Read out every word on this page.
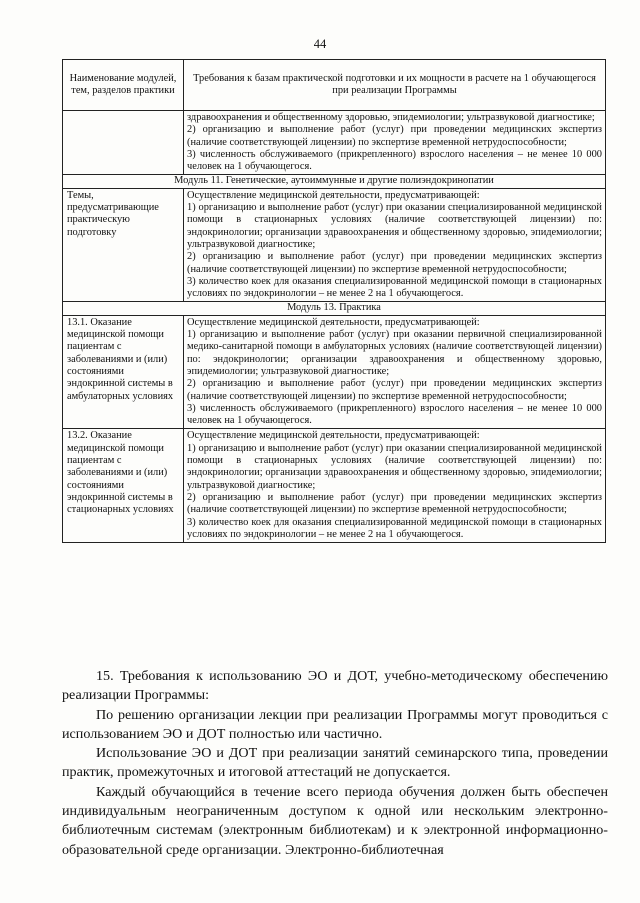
44
Наименование модулей, тем, разделов практики	Требования к базам практической подготовки и их мощности в расчете на 1 обучающегося при реализации Программы

	здравоохранения и общественному здоровью, эпидемиологии; ультразвуковой диагностике;
2) организацию и выполнение работ (услуг) при проведении медицинских экспертиз (наличие соответствующей лицензии) по экспертизе временной нетрудоспособности;
3) численность обслуживаемого (прикрепленного) взрослого населения – не менее 10 000 человек на 1 обучающегося.

Модуль 11. Генетические, аутоиммунные и другие полиэндокринопатии	
Темы, предусматривающие практическую подготовку	Осуществление медицинской деятельности, предусматривающей:
1) организацию и выполнение работ (услуг) при оказании специализированной медицинской помощи в стационарных условиях (наличие соответствующей лицензии) по: эндокринологии; организации здравоохранения и общественному здоровью, эпидемиологии; ультразвуковой диагностике;
2) организацию и выполнение работ (услуг) при проведении медицинских экспертиз (наличие соответствующей лицензии) по экспертизе временной нетрудоспособности;
3) количество коек для оказания специализированной медицинской помощи в стационарных условиях по эндокринологии – не менее 2 на 1 обучающегося.

Модуль 13. Практика	
13.1. Оказание медицинской помощи пациентам с заболеваниями и (или) состояниями эндокринной системы в амбулаторных условиях	Осуществление медицинской деятельности, предусматривающей:
1) организацию и выполнение работ (услуг) при оказании первичной специализированной медико-санитарной помощи в амбулаторных условиях (наличие соответствующей лицензии) по: эндокринологии; организации здравоохранения и общественному здоровью, эпидемиологии; ультразвуковой диагностике;
2) организацию и выполнение работ (услуг) при проведении медицинских экспертиз (наличие соответствующей лицензии) по экспертизе временной нетрудоспособности;
3) численность обслуживаемого (прикрепленного) взрослого населения – не менее 10 000 человек на 1 обучающегося.

13.2. Оказание медицинской помощи пациентам с заболеваниями и (или) состояниями эндокринной системы в стационарных условиях	Осуществление медицинской деятельности, предусматривающей:
1) организацию и выполнение работ (услуг) при оказании специализированной медицинской помощи в стационарных условиях (наличие соответствующей лицензии) по: эндокринологии; организации здравоохранения и общественному здоровью, эпидемиологии; ультразвуковой диагностике;
2) организацию и выполнение работ (услуг) при проведении медицинских экспертиз (наличие соответствующей лицензии) по экспертизе временной нетрудоспособности;
3) количество коек для оказания специализированной медицинской помощи в стационарных условиях по эндокринологии – не менее 2 на 1 обучающегося.

15. Требования к использованию ЭО и ДОТ, учебно-методическому обеспечению реализации Программы:

По решению организации лекции при реализации Программы могут проводиться с использованием ЭО и ДОТ полностью или частично.

Использование ЭО и ДОТ при реализации занятий семинарского типа, проведении практик, промежуточных и итоговой аттестаций не допускается.

Каждый обучающийся в течение всего периода обучения должен быть обеспечен индивидуальным неограниченным доступом к одной или нескольким электронно-библиотечным системам (электронным библиотекам) и к электронной информационно-образовательной среде организации. Электронно-библиотечная
